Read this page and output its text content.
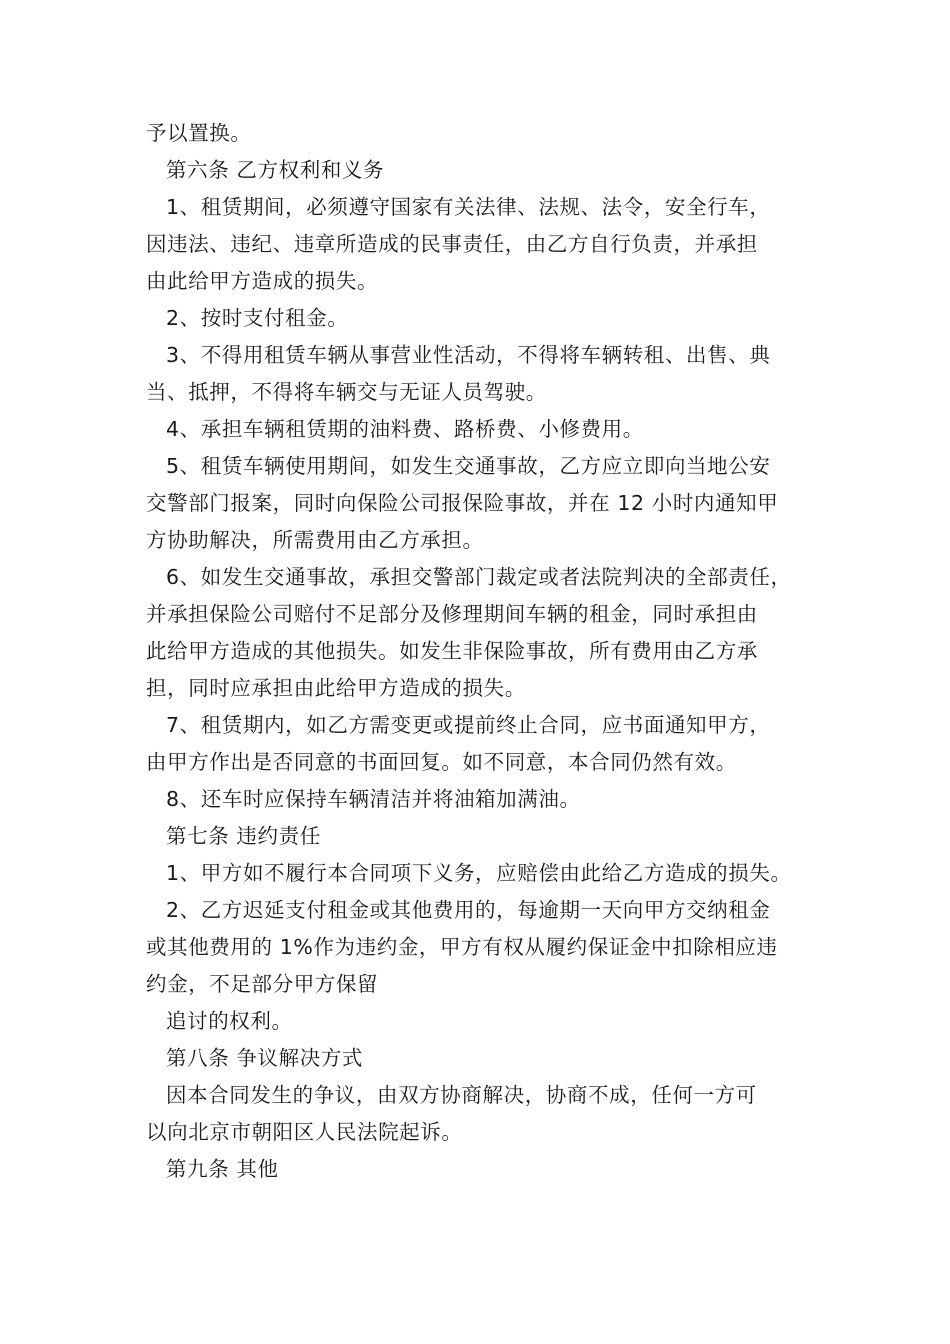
予以置换。
第六条 乙方权利和义务
1、租赁期间，必须遵守国家有关法律、法规、法令，安全行车，
因违法、违纪、违章所造成的民事责任，由乙方自行负责，并承担
由此给甲方造成的损失。
2、按时支付租金。
3、不得用租赁车辆从事营业性活动，不得将车辆转租、出售、典
当、抵押，不得将车辆交与无证人员驾驶。
4、承担车辆租赁期的油料费、路桥费、小修费用。
5、租赁车辆使用期间，如发生交通事故，乙方应立即向当地公安
交警部门报案，同时向保险公司报保险事故，并在 12 小时内通知甲
方协助解决，所需费用由乙方承担。
6、如发生交通事故，承担交警部门裁定或者法院判决的全部责任，
并承担保险公司赔付不足部分及修理期间车辆的租金，同时承担由
此给甲方造成的其他损失。如发生非保险事故，所有费用由乙方承
担，同时应承担由此给甲方造成的损失。
7、租赁期内，如乙方需变更或提前终止合同，应书面通知甲方，
由甲方作出是否同意的书面回复。如不同意，本合同仍然有效。
8、还车时应保持车辆清洁并将油箱加满油。
第七条 违约责任
1、甲方如不履行本合同项下义务，应赔偿由此给乙方造成的损失。
2、乙方迟延支付租金或其他费用的，每逾期一天向甲方交纳租金
或其他费用的 1%作为违约金，甲方有权从履约保证金中扣除相应违
约金，不足部分甲方保留
追讨的权利。
第八条 争议解决方式
因本合同发生的争议，由双方协商解决，协商不成，任何一方可
以向北京市朝阳区人民法院起诉。
第九条 其他
